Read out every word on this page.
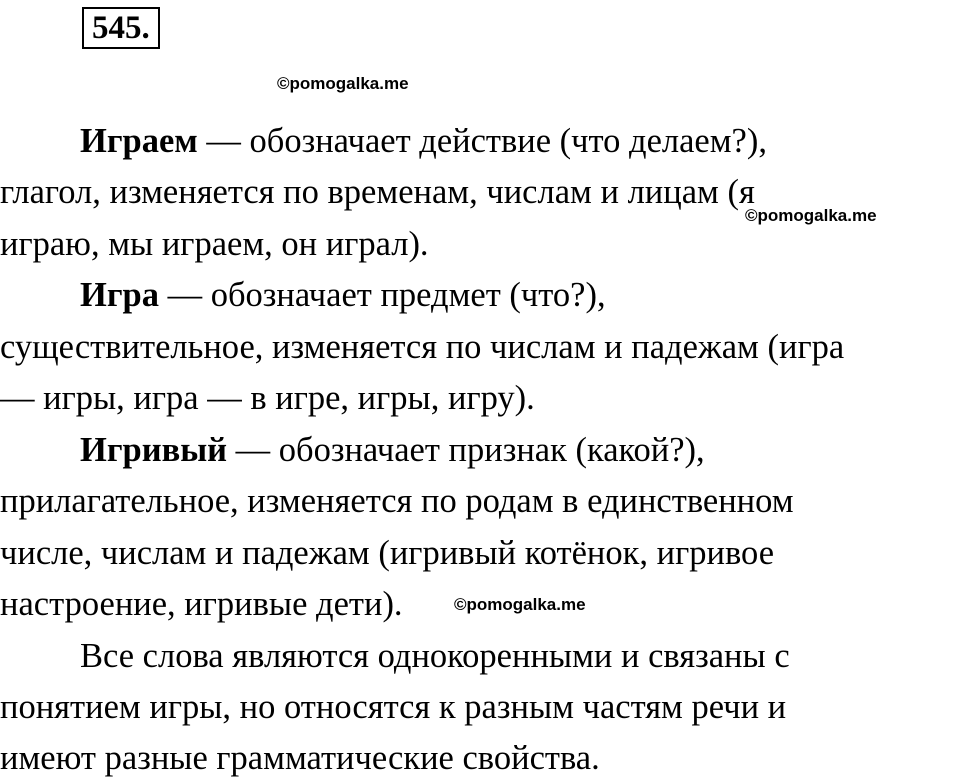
545.
©pomogalka.me
©pomogalka.me
©pomogalka.me
Играем — обозначает действие (что делаем?),
глагол, изменяется по временам, числам и лицам (я
играю, мы играем, он играл).
Игра — обозначает предмет (что?),
существительное, изменяется по числам и падежам (игра
— игры, игра — в игре, игры, игру).
Игривый — обозначает признак (какой?),
прилагательное, изменяется по родам в единственном
числе, числам и падежам (игривый котёнок, игривое
настроение, игривые дети).
Все слова являются однокоренными и связаны с
понятием игры, но относятся к разным частям речи и
имеют разные грамматические свойства.
